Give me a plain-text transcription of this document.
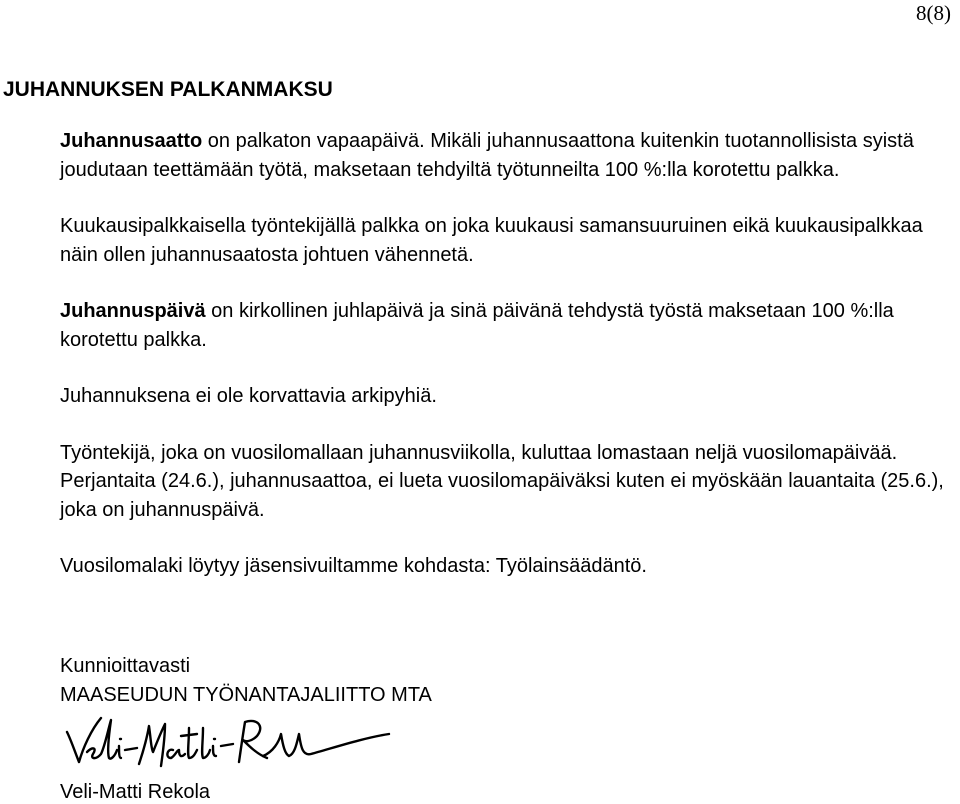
8(8)
JUHANNUKSEN PALKANMAKSU

Juhannusaatto on palkaton vapaapäivä. Mikäli juhannusaattona kuitenkin tuotannollisista syistä joudutaan teettämään työtä, maksetaan tehdyiltä työtunneilta 100 %:lla korotettu palkka.

Kuukausipalkkaisella työntekijällä palkka on joka kuukausi samansuuruinen eikä kuukausipalkkaa näin ollen juhannusaatosta johtuen vähennetä.

Juhannuspäivä on kirkollinen juhlapäivä ja sinä päivänä tehdystä työstä maksetaan 100 %:lla korotettu palkka.

Juhannuksena ei ole korvattavia arkipyhiä.

Työntekijä, joka on vuosilomallaan juhannusviikolla, kuluttaa lomastaan neljä vuosilomapäivää. Perjantaita (24.6.), juhannusaattoa, ei lueta vuosilomapäiväksi kuten ei myöskään lauantaita (25.6.), joka on juhannuspäivä.

Vuosilomalaki löytyy jäsensivuiltamme kohdasta: Työlainsäädäntö.

Kunnioittavasti
MAASEUDUN TYÖNANTAJALIITTO MTA
Veli-Matti Rekola
